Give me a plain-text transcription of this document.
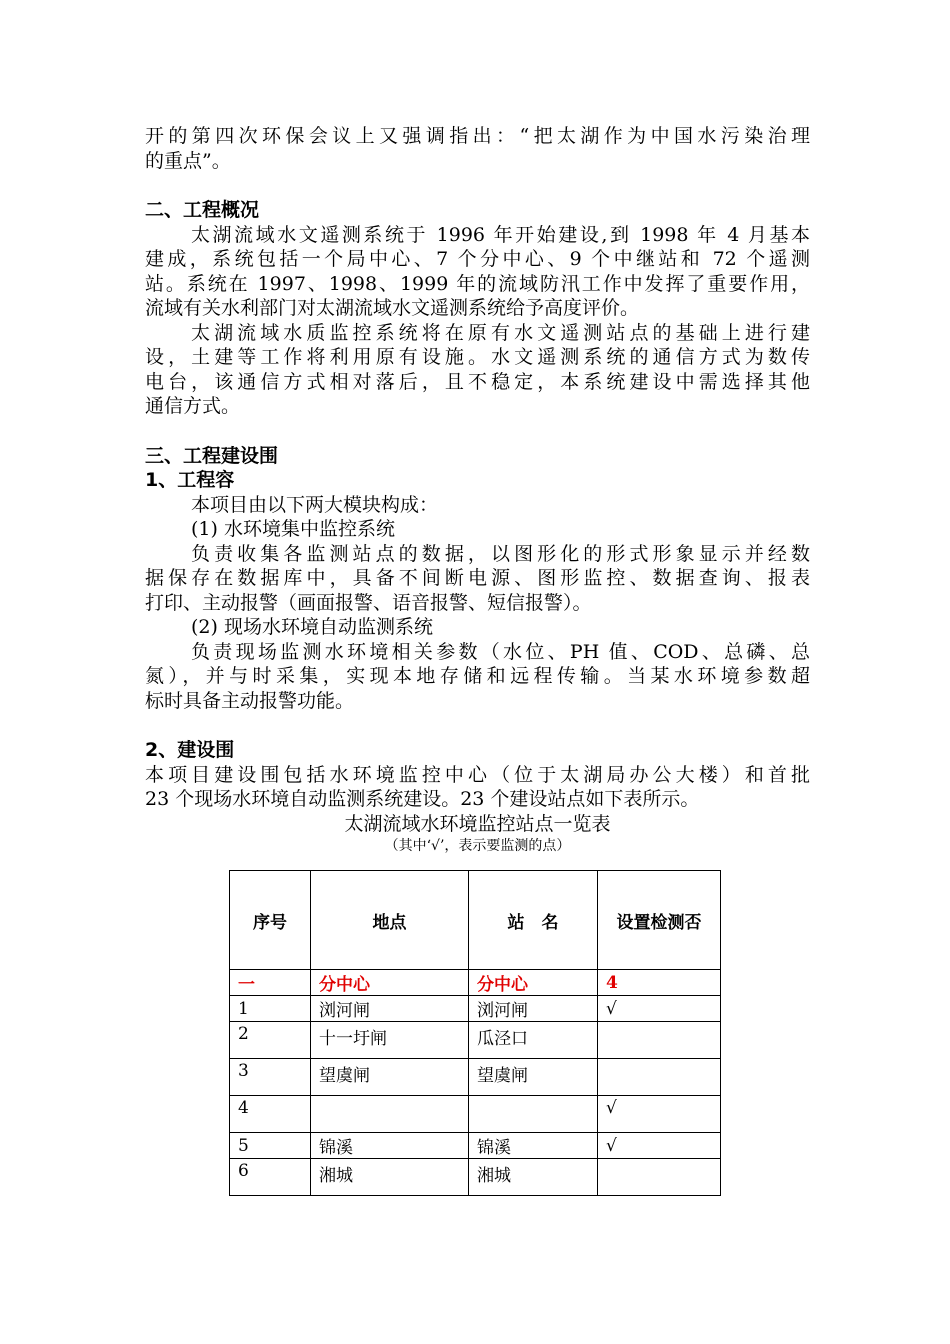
开的第四次环保会议上又强调指出：“把太湖作为中国水污染治理
的重点”。
二、工程概况
太湖流域水文遥测系统于 1996 年开始建设,到 1998 年 4 月基本
建成，系统包括一个局中心、7 个分中心、9 个中继站和 72 个遥测
站。系统在 1997、1998、1999 年的流域防汛工作中发挥了重要作用，
流域有关水利部门对太湖流域水文遥测系统给予高度评价。
太湖流域水质监控系统将在原有水文遥测站点的基础上进行建
设，土建等工作将利用原有设施。水文遥测系统的通信方式为数传
电台，该通信方式相对落后，且不稳定，本系统建设中需选择其他
通信方式。
三、工程建设围
1、工程容
本项目由以下两大模块构成：
(1) 水环境集中监控系统
负责收集各监测站点的数据，以图形化的形式形象显示并经数
据保存在数据库中，具备不间断电源、图形监控、数据查询、报表
打印、主动报警（画面报警、语音报警、短信报警）。
(2) 现场水环境自动监测系统
负责现场监测水环境相关参数（水位、PH 值、COD、总磷、总
氮），并与时采集，实现本地存储和远程传输。当某水环境参数超
标时具备主动报警功能。
2、建设围
本项目建设围包括水环境监控中心（位于太湖局办公大楼）和首批
23 个现场水环境自动监测系统建设。23 个建设站点如下表所示。
太湖流域水环境监控站点一览表
（其中‘√’，表示要监测的点）
序号	地点	站　名	设置检测否
一	分中心	分中心	4
1	浏河闸	浏河闸	√
2	十一圩闸	瓜泾口	
3	望虞闸	望虞闸	
4			√
5	锦溪	锦溪	√
6	湘城	湘城	
